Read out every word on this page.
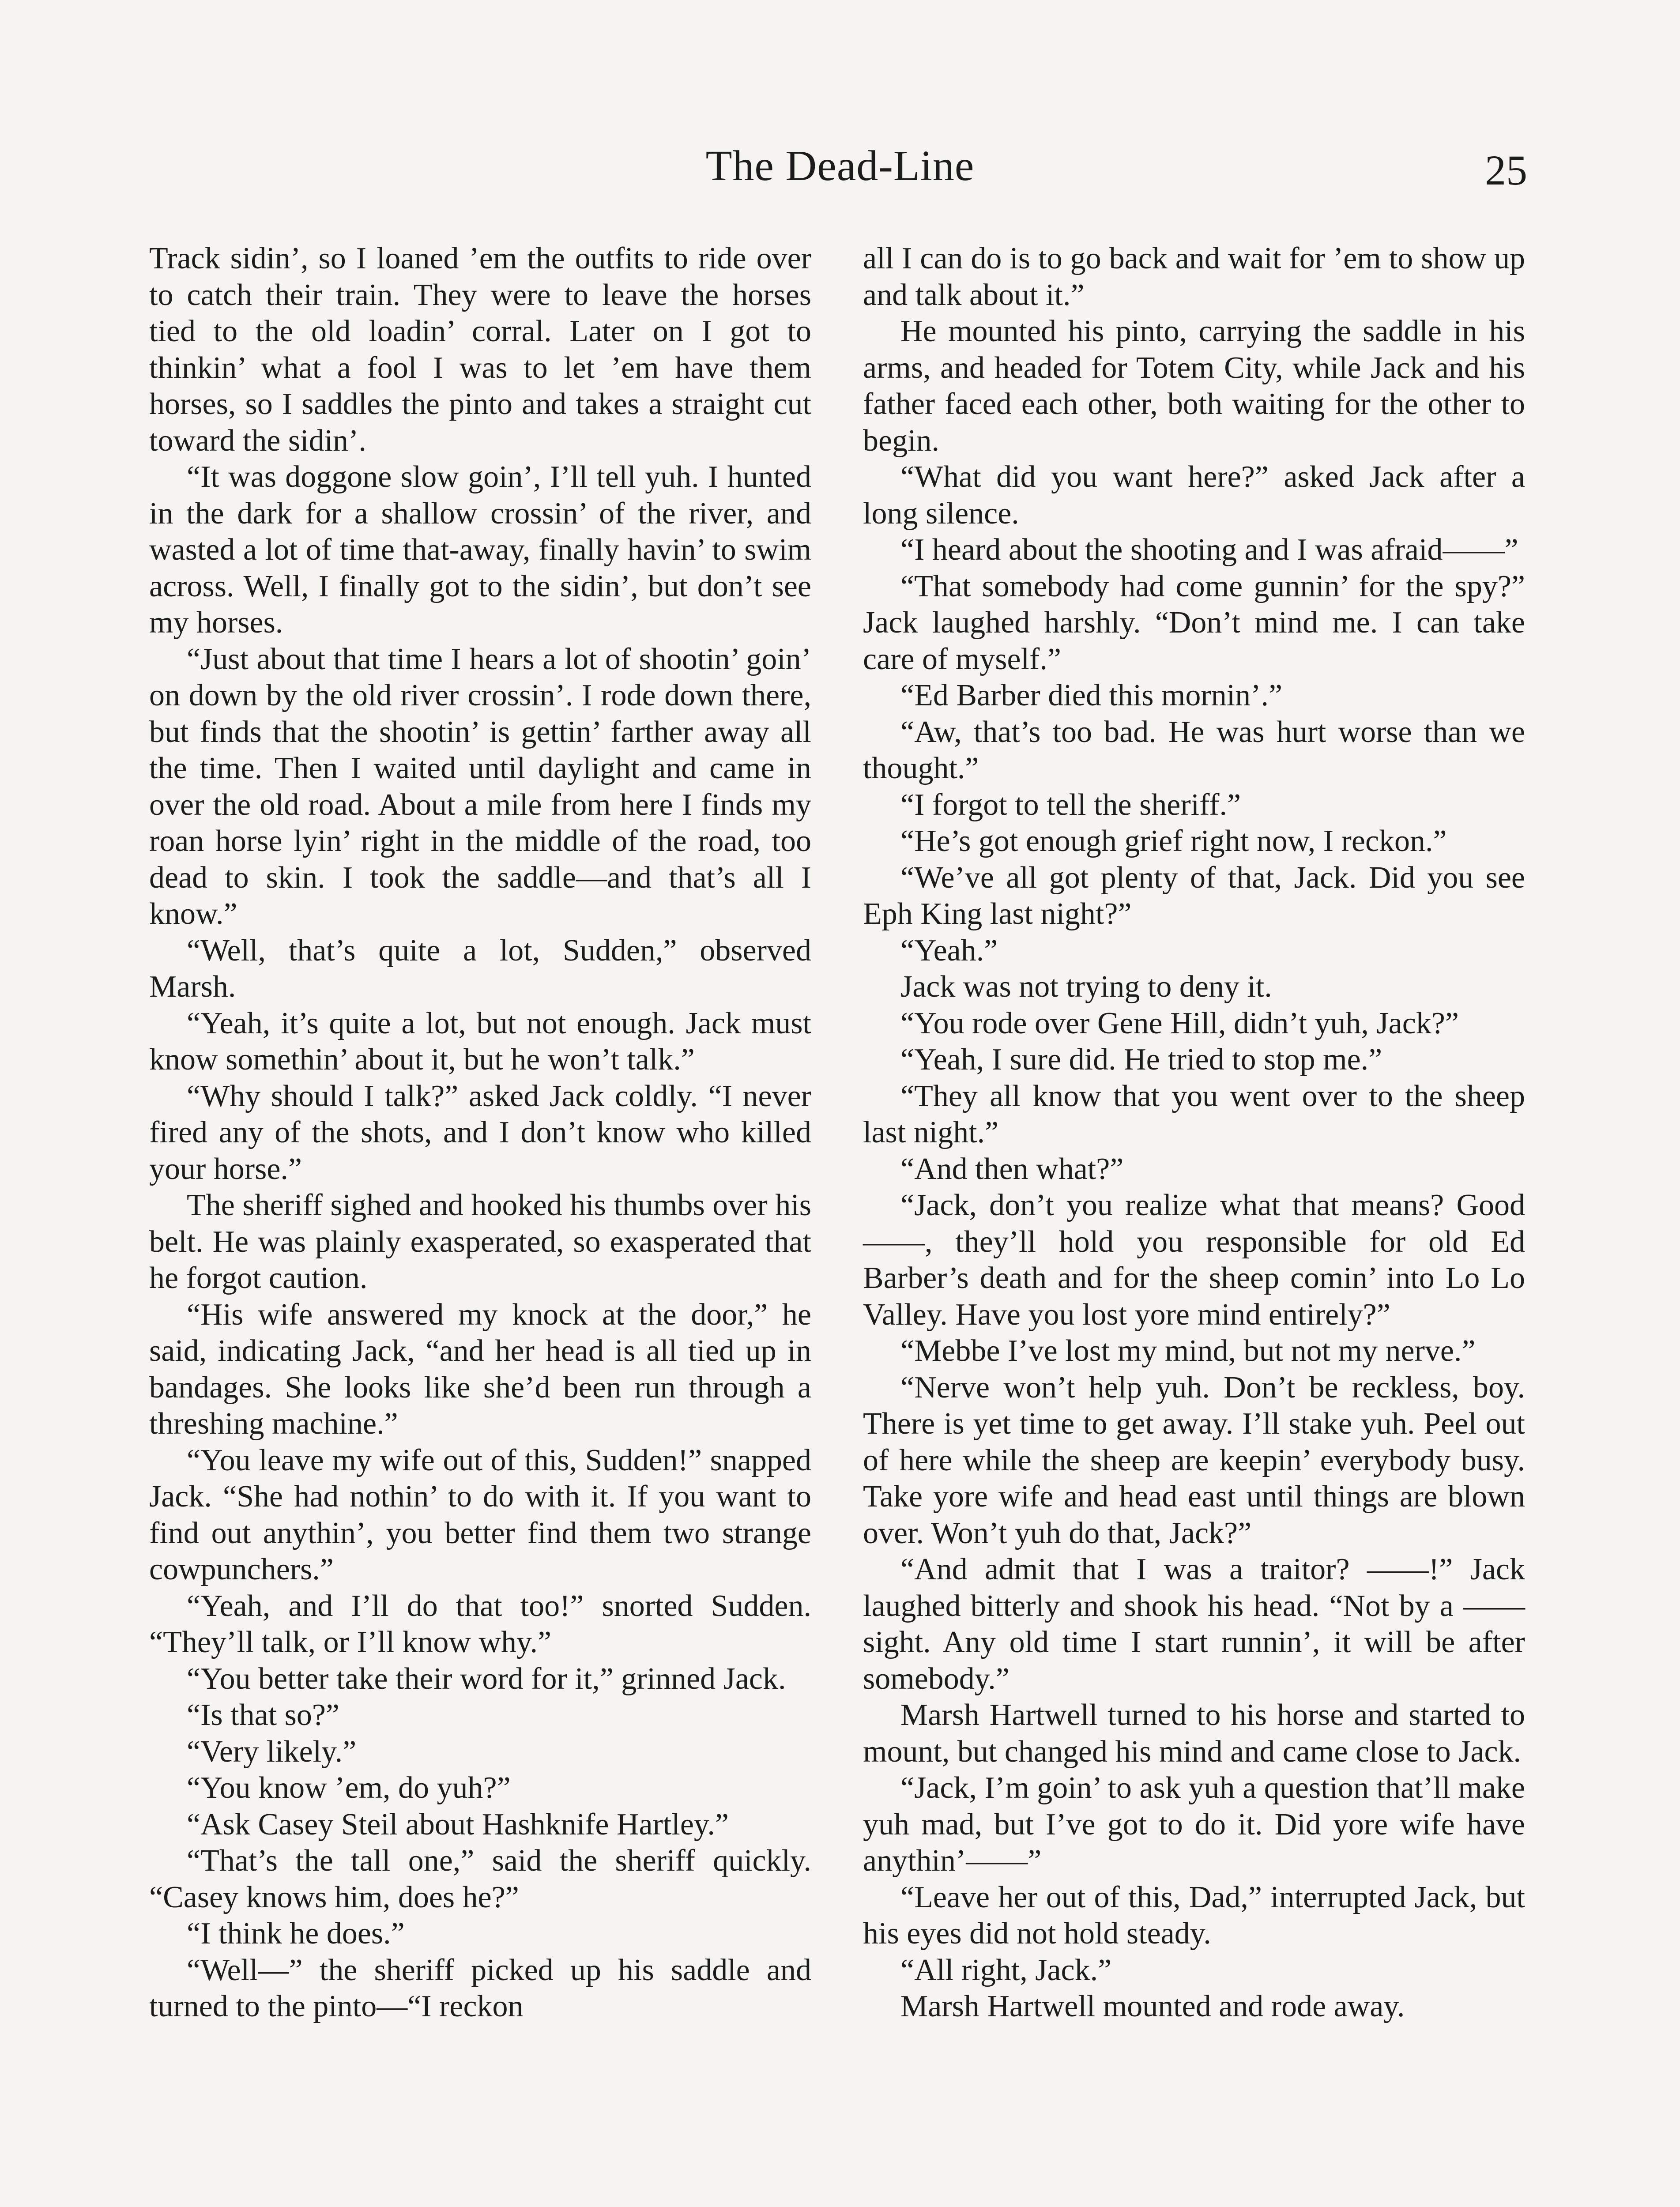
The Dead-Line	25

Track sidin’, so I loaned ’em the outfits to ride over to catch their train. They were to leave the horses tied to the old loadin’ corral. Later on I got to thinkin’ what a fool I was to let ’em have them horses, so I saddles the pinto and takes a straight cut toward the sidin’.

“It was doggone slow goin’, I’ll tell yuh. I hunted in the dark for a shallow crossin’ of the river, and wasted a lot of time that-away, finally havin’ to swim across. Well, I finally got to the sidin’, but don’t see my horses.

“Just about that time I hears a lot of shootin’ goin’ on down by the old river crossin’. I rode down there, but finds that the shootin’ is gettin’ farther away all the time. Then I waited until daylight and came in over the old road. About a mile from here I finds my roan horse lyin’ right in the middle of the road, too dead to skin. I took the saddle—and that’s all I know.”

“Well, that’s quite a lot, Sudden,” observed Marsh.

“Yeah, it’s quite a lot, but not enough. Jack must know somethin’ about it, but he won’t talk.”

“Why should I talk?” asked Jack coldly. “I never fired any of the shots, and I don’t know who killed your horse.”

The sheriff sighed and hooked his thumbs over his belt. He was plainly exasperated, so exasperated that he forgot caution.

“His wife answered my knock at the door,” he said, indicating Jack, “and her head is all tied up in bandages. She looks like she’d been run through a threshing machine.”

“You leave my wife out of this, Sudden!” snapped Jack. “She had nothin’ to do with it. If you want to find out anythin’, you better find them two strange cowpunchers.”

“Yeah, and I’ll do that too!” snorted Sudden. “They’ll talk, or I’ll know why.”

“You better take their word for it,” grinned Jack.

“Is that so?”

“Very likely.”

“You know ’em, do yuh?”

“Ask Casey Steil about Hashknife Hartley.”

“That’s the tall one,” said the sheriff quickly. “Casey knows him, does he?”

“I think he does.”

“Well—” the sheriff picked up his saddle and turned to the pinto—“I reckon

all I can do is to go back and wait for ’em to show up and talk about it.”

He mounted his pinto, carrying the saddle in his arms, and headed for Totem City, while Jack and his father faced each other, both waiting for the other to begin.

“What did you want here?” asked Jack after a long silence.

“I heard about the shooting and I was afraid——”

“That somebody had come gunnin’ for the spy?” Jack laughed harshly. “Don’t mind me. I can take care of myself.”

“Ed Barber died this mornin’.”

“Aw, that’s too bad. He was hurt worse than we thought.”

“I forgot to tell the sheriff.”

“He’s got enough grief right now, I reckon.”

“We’ve all got plenty of that, Jack. Did you see Eph King last night?”

“Yeah.”

Jack was not trying to deny it.

“You rode over Gene Hill, didn’t yuh, Jack?”

“Yeah, I sure did. He tried to stop me.”

“They all know that you went over to the sheep last night.”

“And then what?”

“Jack, don’t you realize what that means? Good ——, they’ll hold you responsible for old Ed Barber’s death and for the sheep comin’ into Lo Lo Valley. Have you lost yore mind entirely?”

“Mebbe I’ve lost my mind, but not my nerve.”

“Nerve won’t help yuh. Don’t be reckless, boy. There is yet time to get away. I’ll stake yuh. Peel out of here while the sheep are keepin’ everybody busy. Take yore wife and head east until things are blown over. Won’t yuh do that, Jack?”

“And admit that I was a traitor? ——!” Jack laughed bitterly and shook his head. “Not by a —— sight. Any old time I start runnin’, it will be after somebody.”

Marsh Hartwell turned to his horse and started to mount, but changed his mind and came close to Jack.

“Jack, I’m goin’ to ask yuh a question that’ll make yuh mad, but I’ve got to do it. Did yore wife have anythin’——”

“Leave her out of this, Dad,” interrupted Jack, but his eyes did not hold steady.

“All right, Jack.”

Marsh Hartwell mounted and rode away.
